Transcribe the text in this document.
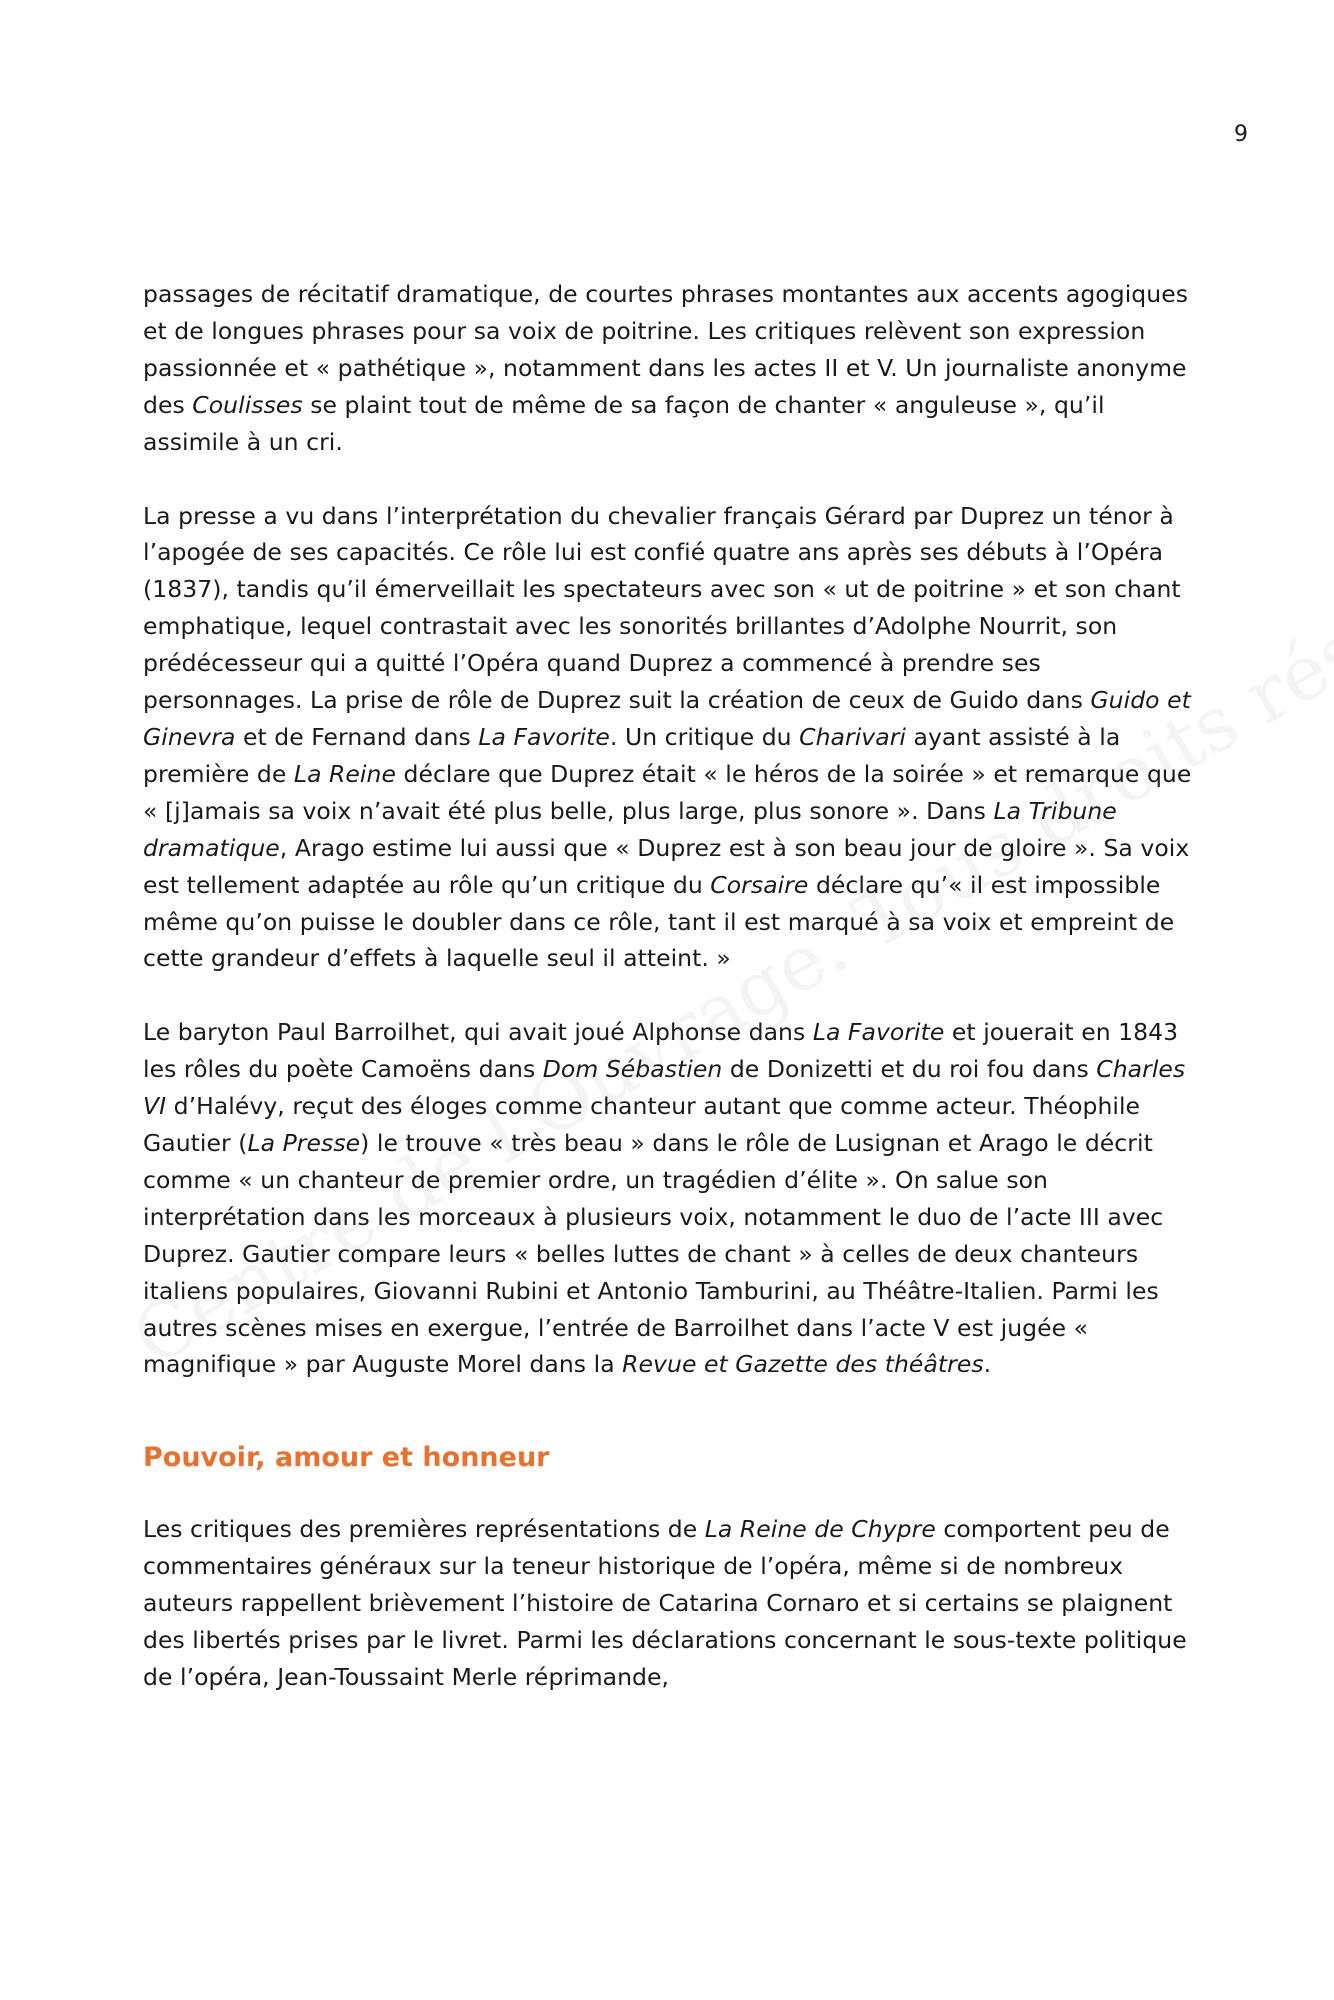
9

passages de récitatif dramatique, de courtes phrases montantes aux accents agogiques et de longues phrases pour sa voix de poitrine. Les critiques relèvent son expression passionnée et « pathétique », notamment dans les actes II et V. Un journaliste anonyme des Coulisses se plaint tout de même de sa façon de chanter « anguleuse », qu’il assimile à un cri.

La presse a vu dans l’interprétation du chevalier français Gérard par Duprez un ténor à l’apogée de ses capacités. Ce rôle lui est confié quatre ans après ses débuts à l’Opéra (1837), tandis qu’il émerveillait les spectateurs avec son « ut de poitrine » et son chant emphatique, lequel contrastait avec les sonorités brillantes d’Adolphe Nourrit, son prédécesseur qui a quitté l’Opéra quand Duprez a commencé à prendre ses personnages. La prise de rôle de Duprez suit la création de ceux de Guido dans Guido et Ginevra et de Fernand dans La Favorite. Un critique du Charivari ayant assisté à la première de La Reine déclare que Duprez était « le héros de la soirée » et remarque que « [j]amais sa voix n’avait été plus belle, plus large, plus sonore ». Dans La Tribune dramatique, Arago estime lui aussi que « Duprez est à son beau jour de gloire ». Sa voix est tellement adaptée au rôle qu’un critique du Corsaire déclare qu’« il est impossible même qu’on puisse le doubler dans ce rôle, tant il est marqué à sa voix et empreint de cette grandeur d’effets à laquelle seul il atteint. »

Le baryton Paul Barroilhet, qui avait joué Alphonse dans La Favorite et jouerait en 1843 les rôles du poète Camoëns dans Dom Sébastien de Donizetti et du roi fou dans Charles VI d’Halévy, reçut des éloges comme chanteur autant que comme acteur. Théophile Gautier (La Presse) le trouve « très beau » dans le rôle de Lusignan et Arago le décrit comme « un chanteur de premier ordre, un tragédien d’élite ». On salue son interprétation dans les morceaux à plusieurs voix, notamment le duo de l’acte III avec Duprez. Gautier compare leurs « belles luttes de chant » à celles de deux chanteurs italiens populaires, Giovanni Rubini et Antonio Tamburini, au Théâtre-Italien. Parmi les autres scènes mises en exergue, l’entrée de Barroilhet dans l’acte V est jugée « magnifique » par Auguste Morel dans la Revue et Gazette des théâtres.

Pouvoir, amour et honneur

Les critiques des premières représentations de La Reine de Chypre comportent peu de commentaires généraux sur la teneur historique de l’opéra, même si de nombreux auteurs rappellent brièvement l’histoire de Catarina Cornaro et si certains se plaignent des libertés prises par le livret. Parmi les déclarations concernant le sous-texte politique de l’opéra, Jean-Toussaint Merle réprimande,
